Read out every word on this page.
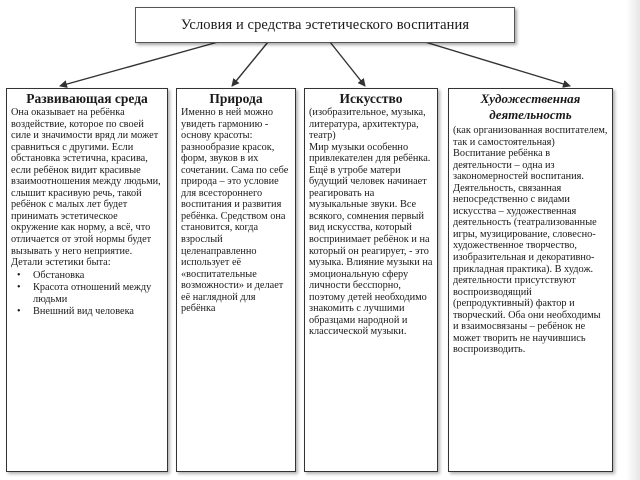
Условия и средства эстетического воспитания
Развивающая среда

Она оказывает на ребёнка воздействие, которое по своей силе и значимости вряд ли может сравниться с другими. Если обстановка эстетична, красива, если ребёнок видит красивые взаимоотношения между людьми, слышит красивую речь, такой ребёнок с малых лет будет принимать эстетическое окружение как норму, а всё, что отличается от этой нормы будет вызывать у него неприятие.

Детали эстетики быта:

• Обстановка
• Красота отношений между людьми
• Внешний вид человека
Природа

Именно в ней можно увидеть гармонию - основу красоты: разнообразие красок, форм, звуков в их сочетании. Сама по себе природа – это условие для всестороннего воспитания и развития ребёнка. Средством она становится, когда взрослый целенаправленно использует её «воспитательные возможности» и делает её наглядной для ребёнка

Искусство

(изобразительное, музыка, литература, архитектура, театр)

Мир музыки особенно привлекателен для ребёнка. Ещё в утробе матери будущий человек начинает реагировать на музыкальные звуки. Все всякого, сомнения первый вид искусства, который воспринимает ребёнок и на который он реагирует, - это музыка. Влияние музыки на эмоциональную сферу личности бесспорно, поэтому детей необходимо знакомить с лучшими образцами народной и классической музыки.

Художественная деятельность

(как организованная воспитателем, так и самостоятельная)

Воспитание ребёнка в деятельности – одна из закономерностей воспитания. Деятельность, связанная непосредственно с видами искусства – художественная деятельность (театрализованные игры, музицирование, словесно-художественное творчество, изобразительная и декоративно-прикладная практика). В худож. деятельности присутствуют воспроизводящий (репродуктивный) фактор и творческий. Оба они необходимы и взаимосвязаны – ребёнок не может творить не научившись воспроизводить.
